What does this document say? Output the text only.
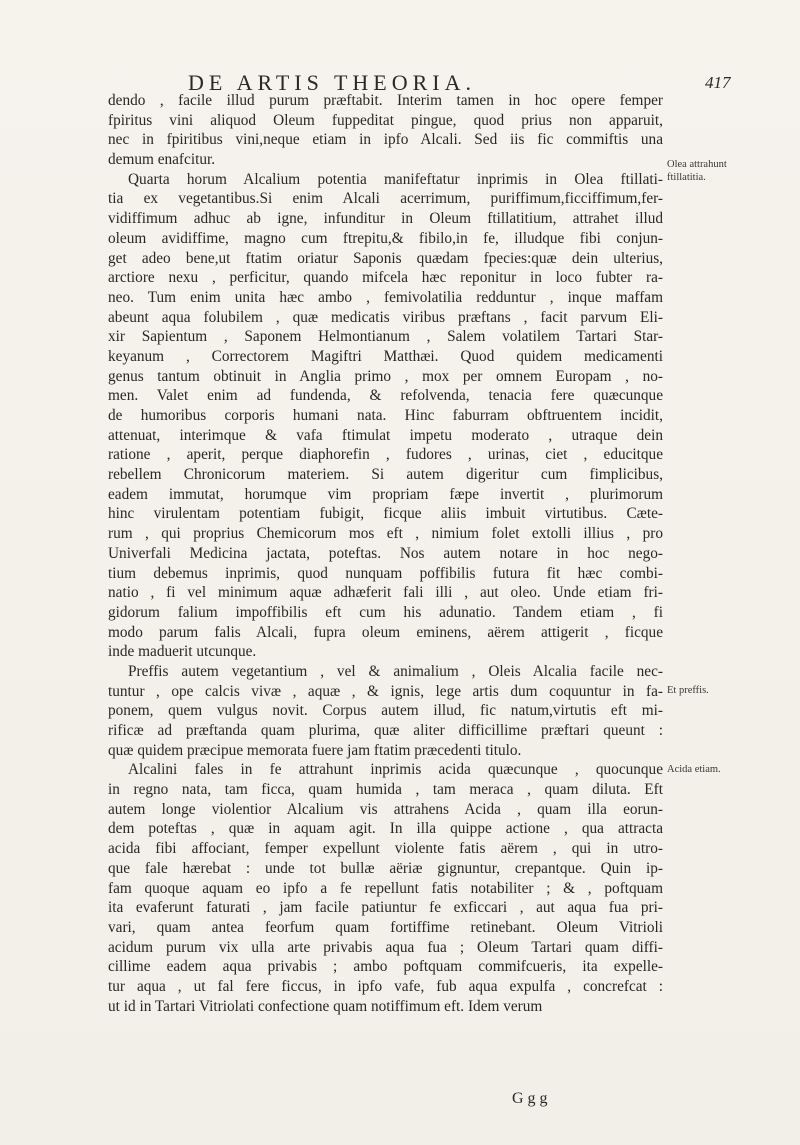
DE ARTIS THEORIA.	417
dendo , facile illud purum præftabit. Interim tamen in hoc opere femper
fpiritus vini aliquod Oleum fuppeditat pingue, quod prius non apparuit,
nec in fpiritibus vini,neque etiam in ipfo Alcali. Sed iis fic commiftis una
demum enafcitur.
Quarta horum Alcalium potentia manifeftatur inprimis in Olea ftillati-
tia ex vegetantibus.Si enim Alcali acerrimum, puriffimum,ficciffimum,fer-
vidiffimum adhuc ab igne, infunditur in Oleum ftillatitium, attrahet illud
oleum avidiffime, magno cum ftrepitu,& fibilo,in fe, illudque fibi conjun-
get adeo bene,ut ftatim oriatur Saponis quædam fpecies:quæ dein ulterius,
arctiore nexu , perficitur, quando mifcela hæc reponitur in loco fubter ra-
neo. Tum enim unita hæc ambo , femivolatilia redduntur , inque maffam
abeunt aqua folubilem , quæ medicatis viribus præftans , facit parvum Eli-
xir Sapientum , Saponem Helmontianum , Salem volatilem Tartari Star-
keyanum , Correctorem Magiftri Matthæi. Quod quidem medicamenti
genus tantum obtinuit in Anglia primo , mox per omnem Europam , no-
men. Valet enim ad fundenda, & refolvenda, tenacia fere quæcunque
de humoribus corporis humani nata. Hinc faburram obftruentem incidit,
attenuat, interimque & vafa ftimulat impetu moderato , utraque dein
ratione , aperit, perque diaphorefin , fudores , urinas, ciet , educitque
rebellem Chronicorum materiem. Si autem digeritur cum fimplicibus,
eadem immutat, horumque vim propriam fæpe invertit , plurimorum
hinc virulentam potentiam fubigit, ficque aliis imbuit virtutibus. Cæte-
rum , qui proprius Chemicorum mos eft , nimium folet extolli illius , pro
Univerfali Medicina jactata, poteftas. Nos autem notare in hoc nego-
tium debemus inprimis, quod nunquam poffibilis futura fit hæc combi-
natio , fi vel minimum aquæ adhæferit fali illi , aut oleo. Unde etiam fri-
gidorum falium impoffibilis eft cum his adunatio. Tandem etiam , fi
modo parum falis Alcali, fupra oleum eminens, aërem attigerit , ficque
inde maduerit utcunque.
Preffis autem vegetantium , vel & animalium , Oleis Alcalia facile nec-
tuntur , ope calcis vivæ , aquæ , & ignis, lege artis dum coquuntur in fa-
ponem, quem vulgus novit. Corpus autem illud, fic natum,virtutis eft mi-
rificæ ad præftanda quam plurima, quæ aliter difficillime præftari queunt :
quæ quidem præcipue memorata fuere jam ftatim præcedenti titulo.
Alcalini fales in fe attrahunt inprimis acida quæcunque , quocunque
in regno nata, tam ficca, quam humida , tam meraca , quam diluta. Eft
autem longe violentior Alcalium vis attrahens Acida , quam illa eorun-
dem poteftas , quæ in aquam agit. In illa quippe actione , qua attracta
acida fibi affociant, femper expellunt violente fatis aërem , qui in utro-
que fale hærebat : unde tot bullæ aëriæ gignuntur, crepantque. Quin ip-
fam quoque aquam eo ipfo a fe repellunt fatis notabiliter ; & , poftquam
ita evaferunt faturati , jam facile patiuntur fe exficcari , aut aqua fua pri-
vari, quam antea feorfum quam fortiffime retinebant. Oleum Vitrioli
acidum purum vix ulla arte privabis aqua fua ; Oleum Tartari quam diffi-
cillime eadem aqua privabis ; ambo poftquam commifcueris, ita expelle-
tur aqua , ut fal fere ficcus, in ipfo vafe, fub aqua expulfa , concrefcat :
ut id in Tartari Vitriolati confectione quam notiffimum eft. Idem verum
Olea attrahunt
ftillatitia.
Et preffis.
Acida etiam.
Ggg
